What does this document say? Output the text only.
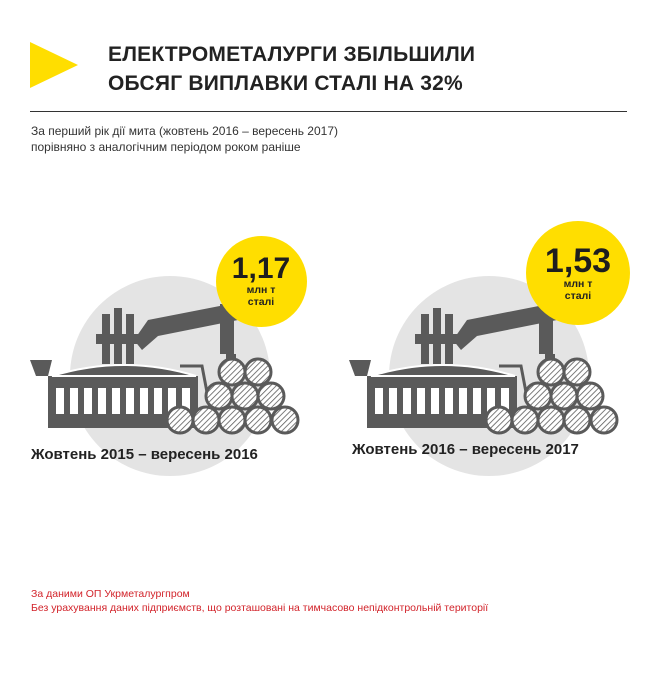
ЕЛЕКТРОМЕТАЛУРГИ ЗБІЛЬШИЛИ
ОБСЯГ ВИПЛАВКИ СТАЛІ НА 32%
За перший рік дії мита (жовтень 2016 – вересень 2017)
порівняно з аналогічним періодом роком раніше
1,17
млн т
сталі
Жовтень 2015 – вересень 2016
1,53
млн т
сталі
Жовтень 2016 – вересень 2017
За даними ОП Укрметалургпром
Без урахування даних підприємств, що розташовані на тимчасово непідконтрольній території
